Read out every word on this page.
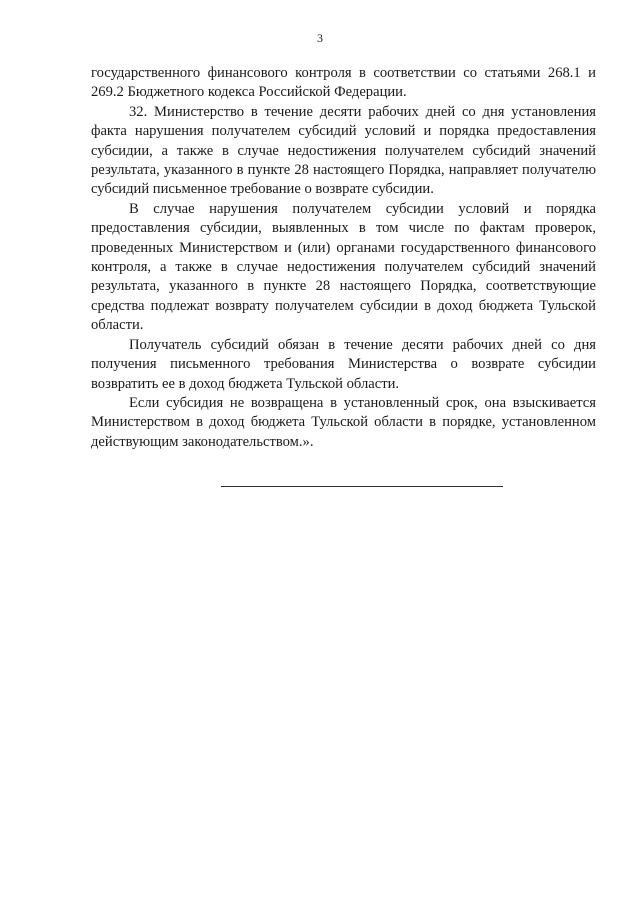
3

государственного финансового контроля в соответствии со статьями 268.1 и 269.2 Бюджетного кодекса Российской Федерации.

32. Министерство в течение десяти рабочих дней со дня установления факта нарушения получателем субсидий условий и порядка предоставления субсидии, а также в случае недостижения получателем субсидий значений результата, указанного в пункте 28 настоящего Порядка, направляет получателю субсидий письменное требование о возврате субсидии.

В случае нарушения получателем субсидии условий и порядка предоставления субсидии, выявленных в том числе по фактам проверок, проведенных Министерством и (или) органами государственного финансового контроля, а также в случае недостижения получателем субсидий значений результата, указанного в пункте 28 настоящего Порядка, соответствующие средства подлежат возврату получателем субсидии в доход бюджета Тульской области.

Получатель субсидий обязан в течение десяти рабочих дней со дня получения письменного требования Министерства о возврате субсидии возвратить ее в доход бюджета Тульской области.

Если субсидия не возвращена в установленный срок, она взыскивается Министерством в доход бюджета Тульской области в порядке, установленном действующим законодательством.».
